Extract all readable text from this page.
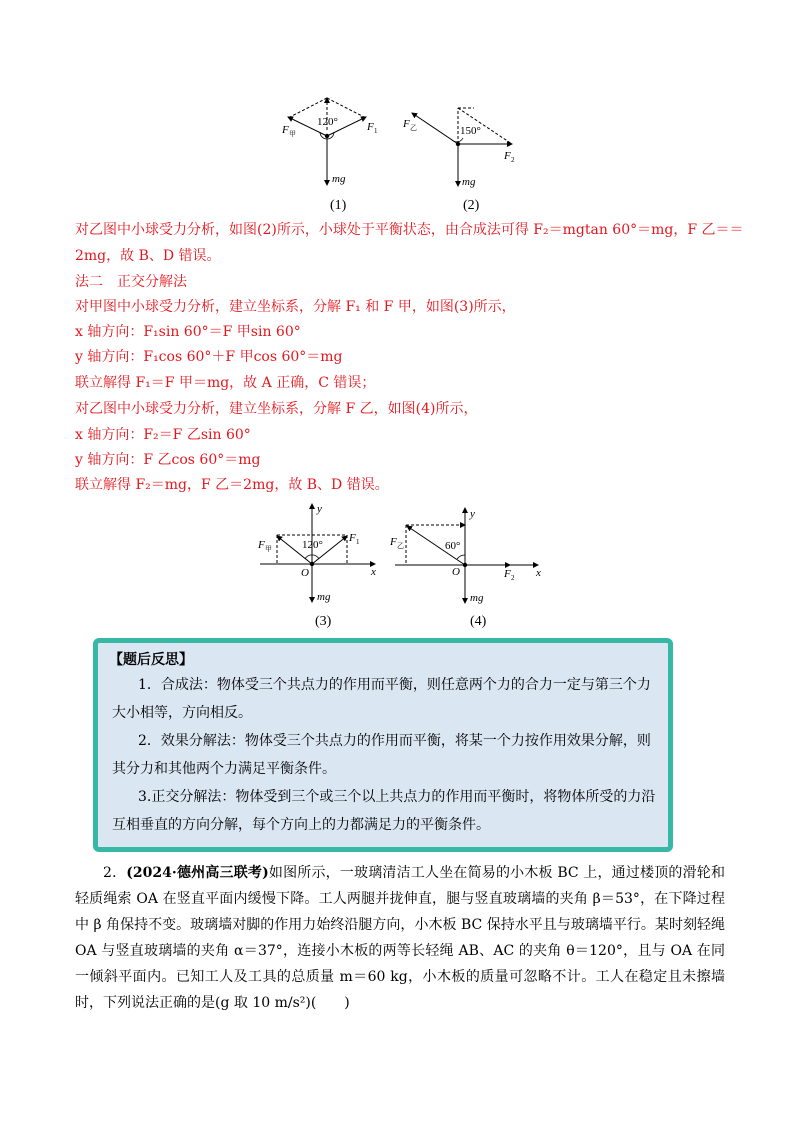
120°
F 甲
F 1
mg
(1)
150°
F 乙
F 2
mg
(2)
对乙图中小球受力分析，如图(2)所示，小球处于平衡状态，由合成法可得 F₂＝mgtan 60°＝mg，F 乙＝＝
2mg，故 B、D 错误。
法二　正交分解法
对甲图中小球受力分析，建立坐标系，分解 F₁ 和 F 甲，如图(3)所示，
x 轴方向：F₁sin 60°＝F 甲sin 60°
y 轴方向：F₁cos 60°＋F 甲cos 60°＝mg
联立解得 F₁＝F 甲＝mg，故 A 正确，C 错误；
对乙图中小球受力分析，建立坐标系，分解 F 乙，如图(4)所示，
x 轴方向：F₂＝F 乙sin 60°
y 轴方向：F 乙cos 60°＝mg
联立解得 F₂＝mg，F 乙＝2mg，故 B、D 错误。
F 甲
F 1
120°
O	x
y
mg
(3)
F 乙	60°
O	F 2 x
y
mg
(4)
【题后反思】
1．合成法：物体受三个共点力的作用而平衡，则任意两个力的合力一定与第三个力大小相等，方向相反。
2．效果分解法：物体受三个共点力的作用而平衡，将某一个力按作用效果分解，则其分力和其他两个力满足平衡条件。
3.正交分解法：物体受到三个或三个以上共点力的作用而平衡时，将物体所受的力沿互相垂直的方向分解，每个方向上的力都满足力的平衡条件。
2．(2024·德州高三联考)如图所示，一玻璃清洁工人坐在简易的小木板 BC 上，通过楼顶的滑轮和轻质绳索 OA 在竖直平面内缓慢下降。工人两腿并拢伸直，腿与竖直玻璃墙的夹角 β＝53°，在下降过程中 β 角保持不变。玻璃墙对脚的作用力始终沿腿方向，小木板 BC 保持水平且与玻璃墙平行。某时刻轻绳 OA 与竖直玻璃墙的夹角 α＝37°，连接小木板的两等长轻绳 AB、AC 的夹角 θ＝120°，且与 OA 在同一倾斜平面内。已知工人及工具的总质量 m＝60 kg，小木板的质量可忽略不计。工人在稳定且未擦墙时，下列说法正确的是(g 取 10 m/s²)(　　)
